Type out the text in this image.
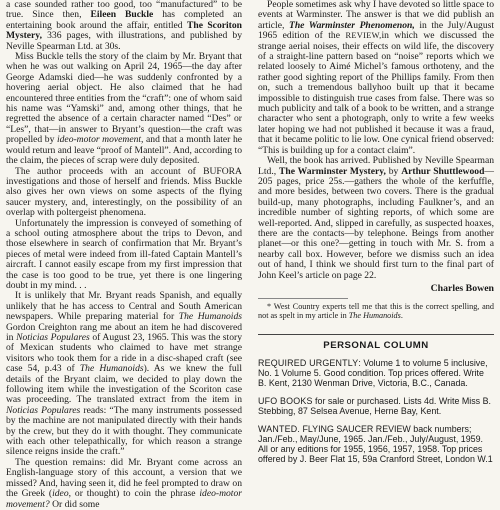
a case sounded rather too good, too “manufactured” to be true. Since then, Eileen Buckle has completed an entertaining book around the affair, entitled The Scoriton Mystery, 336 pages, with illustrations, and published by Neville Spearman Ltd. at 30s.

Miss Buckle tells the story of the claim by Mr. Bryant that when he was out walking on April 24, 1965—the day after George Adamski died—he was suddenly confronted by a hovering aerial object. He also claimed that he had encountered three entities from the “craft”: one of whom said his name was “Yamski” and, among other things, that he regretted the absence of a certain character named “Des” or “Les”, that—in answer to Bryant’s question—the craft was propelled by ideo-motor movement, and that a month later he would return and leave “proof of Mantell”. And, according to the claim, the pieces of scrap were duly deposited.

The author proceeds with an account of BUFORA investigations and those of herself and friends. Miss Buckle also gives her own views on some aspects of the flying saucer mystery, and, interestingly, on the possibility of an overlap with poltergeist phenomena.

Unfortunately the impression is conveyed of something of a school outing atmosphere about the trips to Devon, and those elsewhere in search of confirmation that Mr. Bryant’s pieces of metal were indeed from ill-fated Captain Mantell’s aircraft. I cannot easily escape from my first impression that the case is too good to be true, yet there is one lingering doubt in my mind. . .

It is unlikely that Mr. Bryant reads Spanish, and equally unlikely that he has access to Central and South American newspapers. While preparing material for The Humanoids Gordon Creighton rang me about an item he had discovered in Noticias Populares of August 23, 1965. This was the story of Mexican students who claimed to have met strange visitors who took them for a ride in a disc-shaped craft (see case 54, p.43 of The Humanoids). As we knew the full details of the Bryant claim, we decided to play down the following item while the investigation of the Scoriton case was proceeding. The translated extract from the item in Noticias Populares reads: “The many instruments possessed by the machine are not manipulated directly with their hands by the crew, but they do it with thought. They communicate with each other telepathically, for which reason a strange silence reigns inside the craft.”

The question remains: did Mr. Bryant come across an English-language story of this account, a version that we missed? And, having seen it, did he feel prompted to draw on the Greek (ideo, or thought) to coin the phrase ideo-motor movement? Or did some

People sometimes ask why I have devoted so little space to events at Warminster. The answer is that we did publish an article, The Warminster Phenomenon, in the July/August 1965 edition of the REVIEW,in which we discussed the strange aerial noises, their effects on wild life, the discovery of a straight-line pattern based on “noise” reports which we related loosely to Aimé Michel’s famous orthoteny, and the rather good sighting report of the Phillips family. From then on, such a tremendous ballyhoo built up that it became impossible to distinguish true cases from false. There was so much publicity and talk of a book to be written, and a strange character who sent a photograph, only to write a few weeks later hoping we had not published it because it was a fraud, that it became politic to lie low. One cynical friend observed: “This is building up for a contact claim”.

Well, the book has arrived. Published by Neville Spearman Ltd., The Warminster Mystery, by Arthur Shuttlewood—205 pages, price 25s.—gathers the whole of the kerfuffle, and more besides, between two covers. There is the gradual build-up, many photographs, including Faulkner’s, and an incredible number of sighting reports, of which some are well-reported. And, slipped in carefully, as suspected hoaxes, there are the contacts—by telephone. Beings from another planet—or this one?—getting in touch with Mr. S. from a nearby call box. However, before we dismiss such an idea out of hand, I think we should first turn to the final part of John Keel’s article on page 22.

Charles Bowen

* West Country experts tell me that this is the correct spelling, and not as spelt in my article in The Humanoids.

PERSONAL COLUMN
REQUIRED URGENTLY: Volume 1 to volume 5 inclusive, No. 1 Volume 5. Good condition. Top prices offered. Write B. Kent, 2130 Wenman Drive, Victoria, B.C., Canada.
UFO BOOKS for sale or purchased. Lists 4d. Write Miss B. Stebbing, 87 Selsea Avenue, Herne Bay, Kent.
WANTED. FLYING SAUCER REVIEW back numbers; Jan./Feb., May/June, 1965. Jan./Feb., July/August, 1959. All or any editions for 1955, 1956, 1957, 1958. Top prices offered by J. Beer Flat 15, 59a Cranford Street, London W.1
